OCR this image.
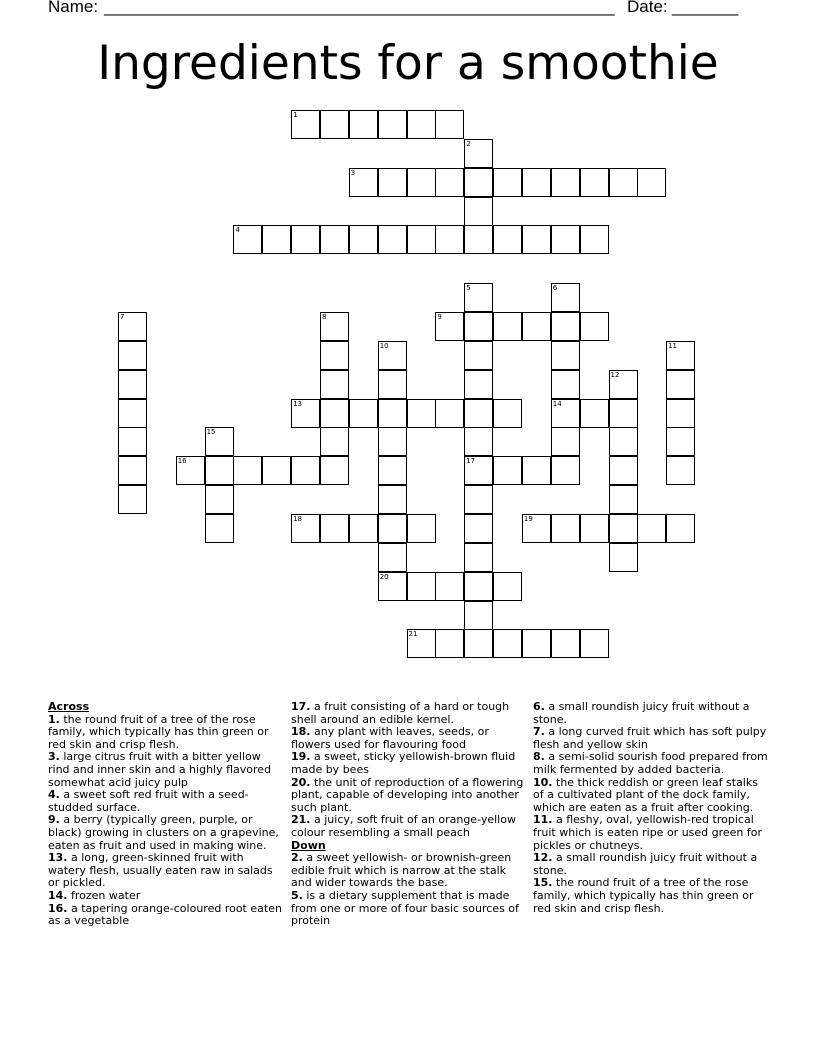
Name: ______________________________________________________ Date: _______
Ingredients for a smoothie
1
3
4
9
13	14
16	17
18	19
20
21
2
5	6
7	8
10	11
12
15
Across
1. the round fruit of a tree of the rose family, which typically has thin green or red skin and crisp flesh.
3. large citrus fruit with a bitter yellow rind and inner skin and a highly flavored somewhat acid juicy pulp
4. a sweet soft red fruit with a seed-studded surface.
9. a berry (typically green, purple, or black) growing in clusters on a grapevine, eaten as fruit and used in making wine.
13. a long, green-skinned fruit with watery flesh, usually eaten raw in salads or pickled.
14. frozen water
16. a tapering orange-coloured root eaten as a vegetable
17. a fruit consisting of a hard or tough shell around an edible kernel.
18. any plant with leaves, seeds, or flowers used for flavouring food
19. a sweet, sticky yellowish-brown fluid made by bees
20. the unit of reproduction of a flowering plant, capable of developing into another such plant.
21. a juicy, soft fruit of an orange-yellow colour resembling a small peach
Down
2. a sweet yellowish- or brownish-green edible fruit which is narrow at the stalk and wider towards the base.
5. is a dietary supplement that is made from one or more of four basic sources of protein
6. a small roundish juicy fruit without a stone.
7. a long curved fruit which has soft pulpy flesh and yellow skin
8. a semi-solid sourish food prepared from milk fermented by added bacteria.
10. the thick reddish or green leaf stalks of a cultivated plant of the dock family, which are eaten as a fruit after cooking.
11. a fleshy, oval, yellowish-red tropical fruit which is eaten ripe or used green for pickles or chutneys.
12. a small roundish juicy fruit without a stone.
15. the round fruit of a tree of the rose family, which typically has thin green or red skin and crisp flesh.
